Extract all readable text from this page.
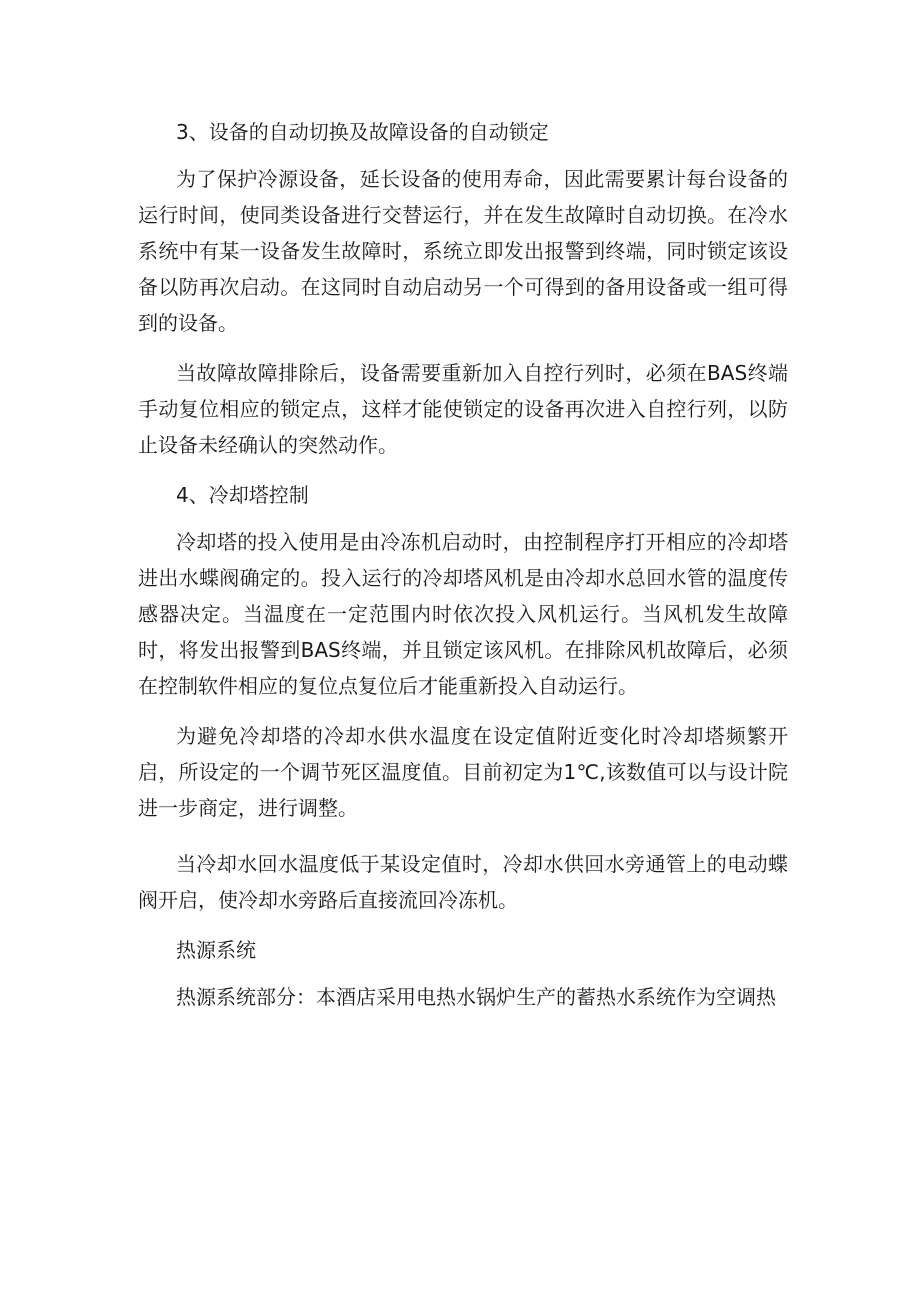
3、设备的自动切换及故障设备的自动锁定

为了保护冷源设备，延长设备的使用寿命，因此需要累计每台设备的运行时间，使同类设备进行交替运行，并在发生故障时自动切换。在冷水系统中有某一设备发生故障时，系统立即发出报警到终端，同时锁定该设备以防再次启动。在这同时自动启动另一个可得到的备用设备或一组可得到的设备。

当故障故障排除后，设备需要重新加入自控行列时，必须在BAS终端手动复位相应的锁定点，这样才能使锁定的设备再次进入自控行列，以防止设备未经确认的突然动作。

4、冷却塔控制

冷却塔的投入使用是由冷冻机启动时，由控制程序打开相应的冷却塔进出水蝶阀确定的。投入运行的冷却塔风机是由冷却水总回水管的温度传感器决定。当温度在一定范围内时依次投入风机运行。当风机发生故障时，将发出报警到BAS终端，并且锁定该风机。在排除风机故障后，必须在控制软件相应的复位点复位后才能重新投入自动运行。

为避免冷却塔的冷却水供水温度在设定值附近变化时冷却塔频繁开启，所设定的一个调节死区温度值。目前初定为1℃,该数值可以与设计院进一步商定，进行调整。

当冷却水回水温度低于某设定值时，冷却水供回水旁通管上的电动蝶阀开启，使冷却水旁路后直接流回冷冻机。

热源系统

热源系统部分：本酒店采用电热水锅炉生产的蓄热水系统作为空调热
